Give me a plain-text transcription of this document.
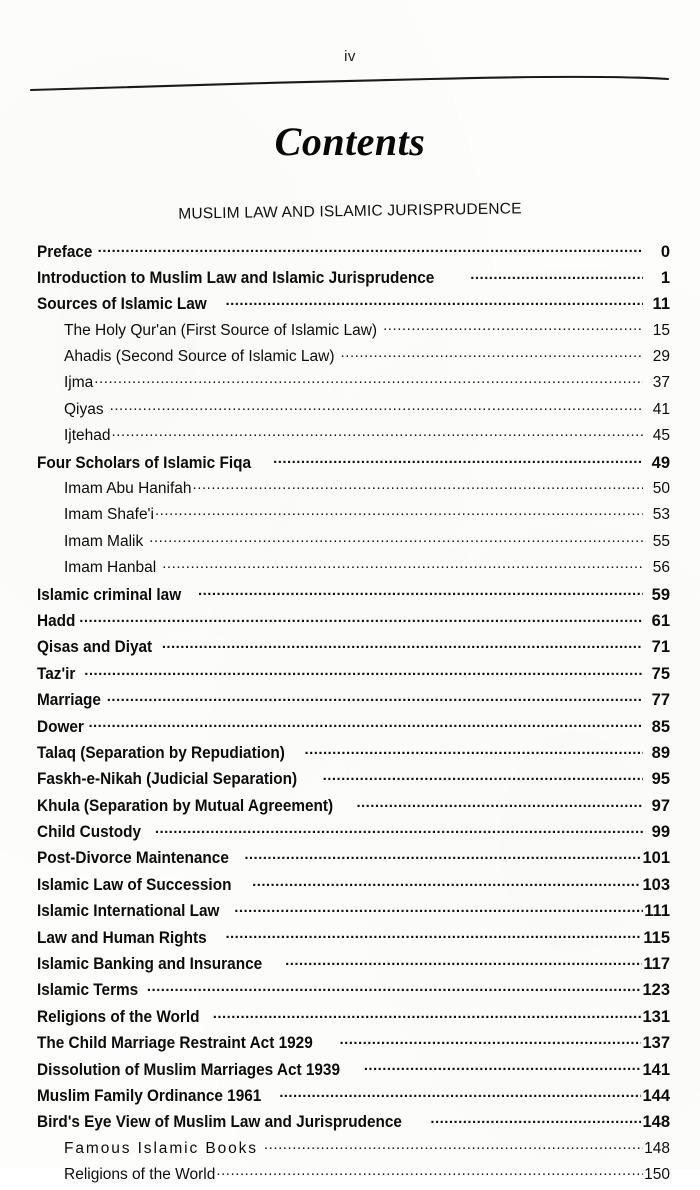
iv
Contents
MUSLIM LAW AND ISLAMIC JURISPRUDENCE
Preface .....	0
Introduction to Muslim Law and Islamic Jurisprudence .....	1
Sources of Islamic Law .....	11
The Holy Qur'an (First Source of Islamic Law) .....	15
Ahadis (Second Source of Islamic Law) .....	29
Ijma .....	37
Qiyas .....	41
Ijtehad .....	45
Four Scholars of Islamic Fiqa .....	49
Imam Abu Hanifah .....	50
Imam Shafe'i .....	53
Imam Malik .....	55
Imam Hanbal .....	56
Islamic criminal law .....	59
Hadd .....	61
Qisas and Diyat .....	71
Taz'ir .....	75
Marriage .....	77
Dower .....	85
Talaq (Separation by Repudiation) .....	89
Faskh-e-Nikah (Judicial Separation) .....	95
Khula (Separation by Mutual Agreement) .....	97
Child Custody .....	99
Post-Divorce Maintenance .....	101
Islamic Law of Succession .....	103
Islamic International Law .....	111
Law and Human Rights .....	115
Islamic Banking and Insurance .....	117
Islamic Terms .....	123
Religions of the World .....	131
The Child Marriage Restraint Act 1929 .....	137
Dissolution of Muslim Marriages Act 1939 .....	141
Muslim Family Ordinance 1961 .....	144
Bird's Eye View of Muslim Law and Jurisprudence .....	148
Famous Islamic Books .....	148
Religions of the World .....	150
